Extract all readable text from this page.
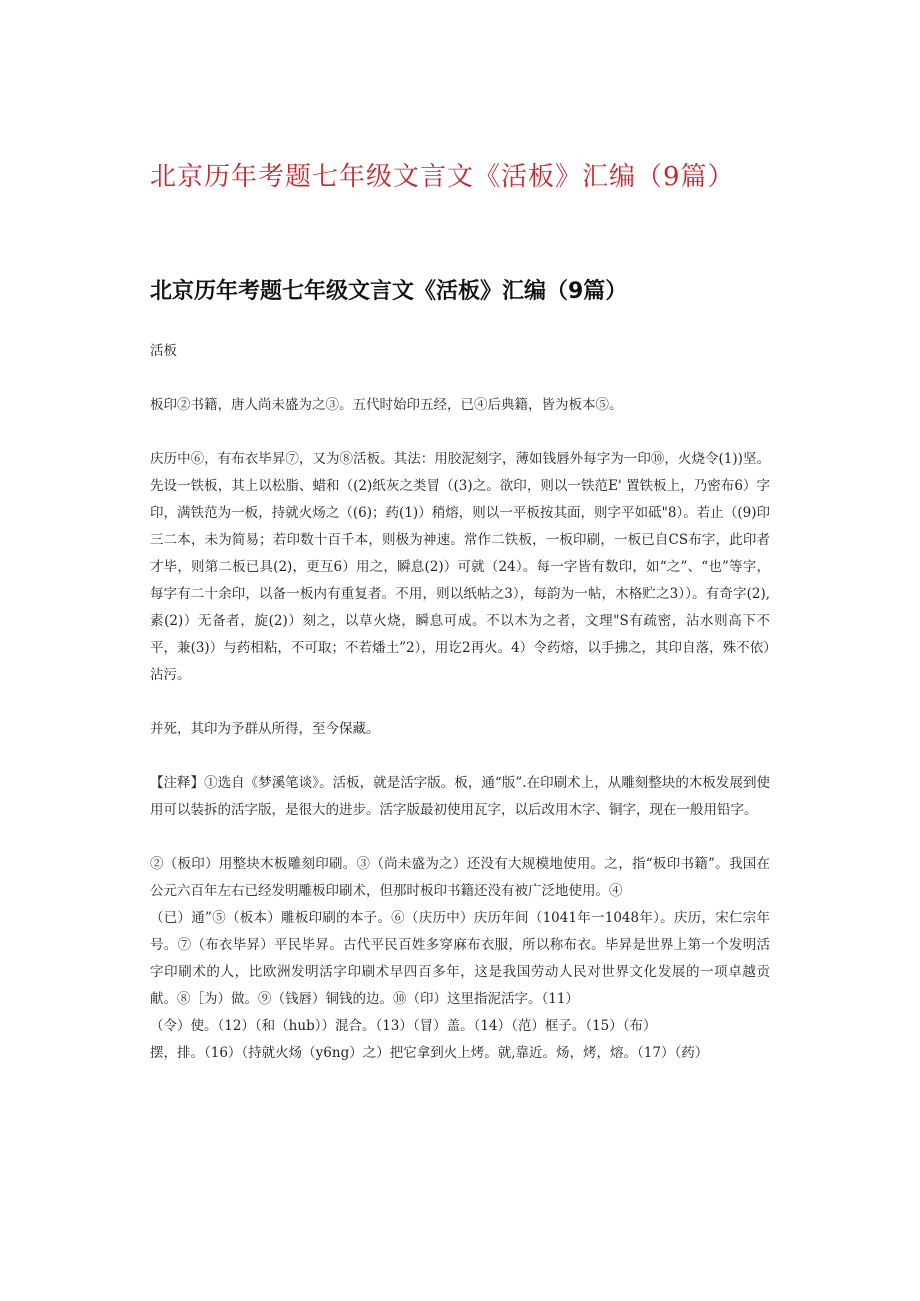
北京历年考题七年级文言文《活板》汇编（9篇）
北京历年考题七年级文言文《活板》汇编（9篇）

活板

板印②书籍，唐人尚未盛为之③。五代时始印五经，已④后典籍，皆为板本⑤。

庆历中⑥，有布衣毕昇⑦，又为⑧活板。其法：用胶泥刻字，薄如钱唇外每字为一印⑩，火烧令(1))坚。先设一铁板，其上以松脂、蜡和（(2)纸灰之类冒（(3)之。欲印，则以一铁范E' 置铁板上，乃密布6）字印，满铁范为一板，持就火炀之（(6)；药(1)）稍熔，则以一平板按其面，则字平如砥"8）。若止（(9)印三二本，未为简易；若印数十百千本，则极为神速。常作二铁板，一板印刷，一板已自CS布字，此印者才毕，则第二板已具(2)，更互6）用之，瞬息(2)）可就（24）。每一字皆有数印，如“之”、“也”等字，每字有二十余印，以备一板内有重复者。不用，则以纸帖之3），每韵为一帖，木格贮之3））。有奇字(2),素(2)）无备者，旋(2)）刻之，以草火烧，瞬息可成。不以木为之者，文理"S有疏密，沾水则高下不平，兼(3)）与药相粘，不可取；不若燔土”2），用讫2再火。4）令药熔，以手拂之，其印自落，殊不依）沾污。

并死，其印为予群从所得，至今保藏。

【注释】①选自《梦溪笔谈》。活板，就是活字版。板，通“版”.在印刷术上，从雕刻整块的木板发展到使用可以装拆的活字版，是很大的进步。活字版最初使用瓦字，以后改用木字、铜字，现在一般用铅字。

②（板印）用整块木板雕刻印刷。③（尚未盛为之）还没有大规模地使用。之，指“板印书籍”。我国在公元六百年左右已经发明雕板印刷术，但那时板印书籍还没有被广泛地使用。④

（已）通”⑤（板本）雕板印刷的本子。⑥（庆历中）庆历年间（1041年一1048年）。庆历，宋仁宗年号。⑦（布衣毕昇）平民毕昇。古代平民百姓多穿麻布衣服，所以称布衣。毕昇是世界上第一个发明活字印刷术的人，比欧洲发明活字印刷术早四百多年，这是我国劳动人民对世界文化发展的一项卓越贡献。⑧［为）做。⑨（钱唇）铜钱的边。⑩（印）这里指泥活字。（11）

（令）使。（12）（和（hub））混合。（13）（冒）盖。（14）（范）框子。（15）（布）

摆，排。（16）（持就火炀（y6ng）之）把它拿到火上烤。就,靠近。炀，烤，熔。（17）（药）
